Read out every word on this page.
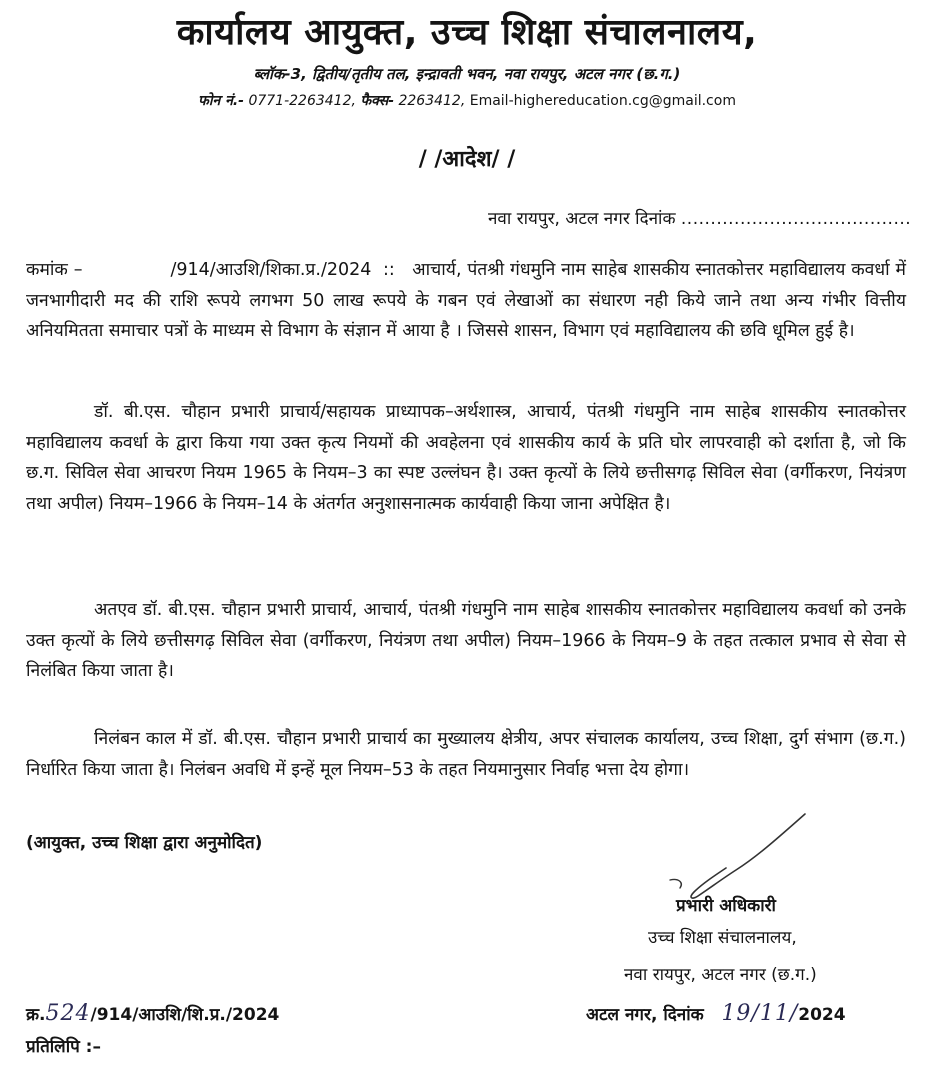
कार्यालय आयुक्त, उच्च शिक्षा संचालनालय,
ब्लॉक-3, द्वितीय/तृतीय तल, इन्द्रावती भवन, नवा रायपुर, अटल नगर (छ.ग.)
फोन नं.- 0771-2263412, फैक्स- 2263412, Email-highereducation.cg@gmail.com
/ /आदेश/ /
नवा रायपुर, अटल नगर दिनांक .......................................
कमांक –	/914/आउशि/शिका.प्र./2024 :: आचार्य, पंतश्री गंधमुनि नाम साहेब शासकीय स्नातकोत्तर महाविद्यालय कवर्धा में जनभागीदारी मद की राशि रूपये लगभग 50 लाख रूपये के गबन एवं लेखाओं का संधारण नही किये जाने तथा अन्य गंभीर वित्तीय अनियमितता समाचार पत्रों के माध्यम से विभाग के संज्ञान में आया है । जिससे शासन, विभाग एवं महाविद्यालय की छवि धूमिल हुई है।
डॉ. बी.एस. चौहान प्रभारी प्राचार्य/सहायक प्राध्यापक–अर्थशास्त्र, आचार्य, पंतश्री गंधमुनि नाम साहेब शासकीय स्नातकोत्तर महाविद्यालय कवर्धा के द्वारा किया गया उक्त कृत्य नियमों की अवहेलना एवं शासकीय कार्य के प्रति घोर लापरवाही को दर्शाता है, जो कि छ.ग. सिविल सेवा आचरण नियम 1965 के नियम–3 का स्पष्ट उल्लंघन है। उक्त कृत्यों के लिये छत्तीसगढ़ सिविल सेवा (वर्गीकरण, नियंत्रण तथा अपील) नियम–1966 के नियम–14 के अंतर्गत अनुशासनात्मक कार्यवाही किया जाना अपेक्षित है।
अतएव डॉ. बी.एस. चौहान प्रभारी प्राचार्य, आचार्य, पंतश्री गंधमुनि नाम साहेब शासकीय स्नातकोत्तर महाविद्यालय कवर्धा को उनके उक्त कृत्यों के लिये छत्तीसगढ़ सिविल सेवा (वर्गीकरण, नियंत्रण तथा अपील) नियम–1966 के नियम–9 के तहत तत्काल प्रभाव से सेवा से निलंबित किया जाता है।
निलंबन काल में डॉ. बी.एस. चौहान प्रभारी प्राचार्य का मुख्यालय क्षेत्रीय, अपर संचालक कार्यालय, उच्च शिक्षा, दुर्ग संभाग (छ.ग.) निर्धारित किया जाता है। निलंबन अवधि में इन्हें मूल नियम–53 के तहत नियमानुसार निर्वाह भत्ता देय होगा।
(आयुक्त, उच्च शिक्षा द्वारा अनुमोदित)
प्रभारी अधिकारी
उच्च शिक्षा संचालनालय,
नवा रायपुर, अटल नगर (छ.ग.)
क्र.524/914/आउशि/शि.प्र./2024	अटल नगर, दिनांक 19/11/2024
प्रतिलिपि :–
